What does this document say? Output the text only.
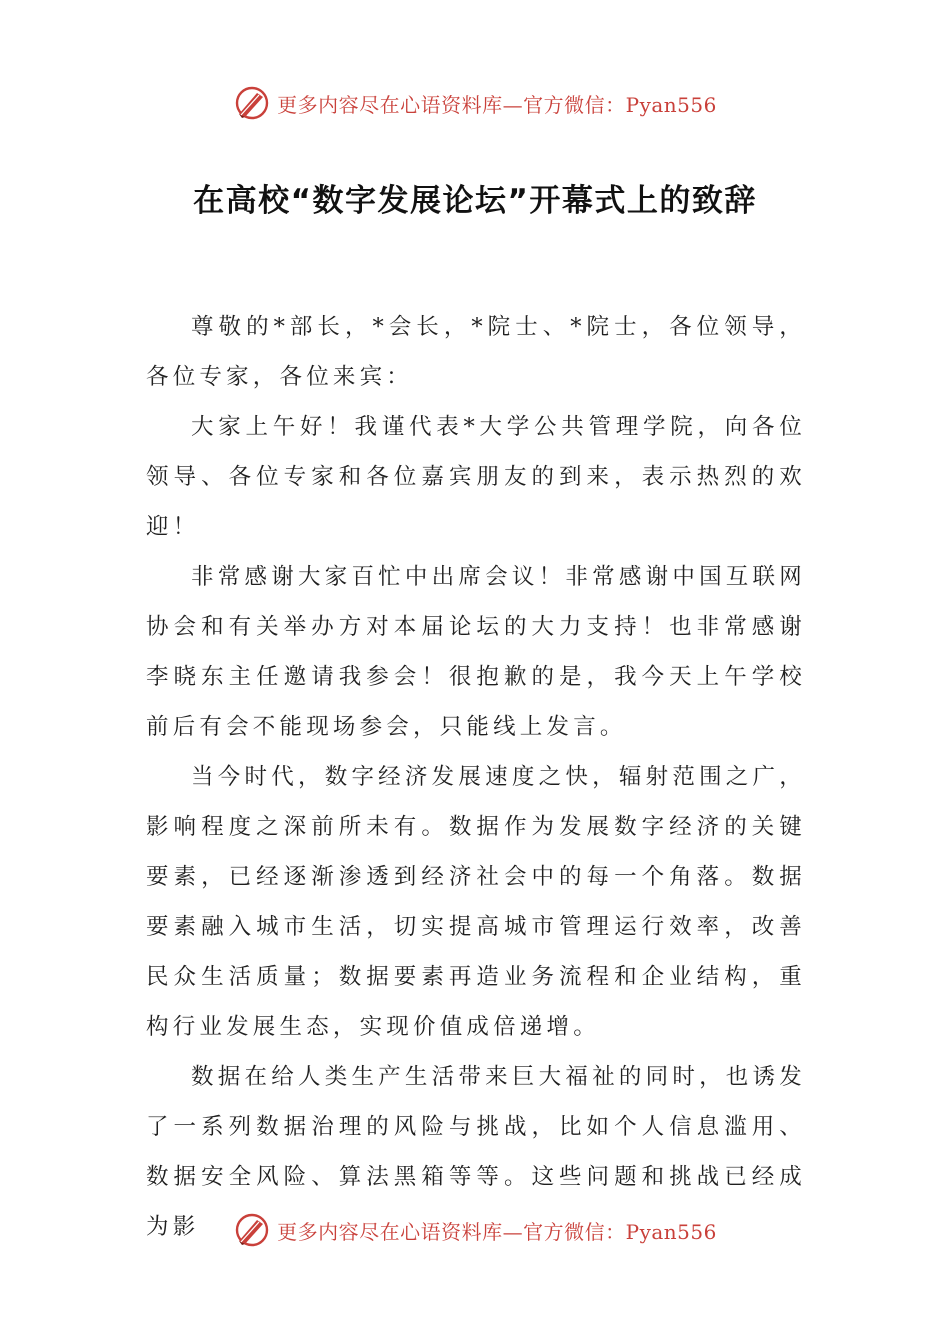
更多内容尽在心语资料库—官方微信：Pyan556
在高校“数字发展论坛”开幕式上的致辞

尊敬的*部长，*会长，*院士、*院士，各位领导，各位专家，各位来宾：

大家上午好！我谨代表*大学公共管理学院，向各位领导、各位专家和各位嘉宾朋友的到来，表示热烈的欢迎！

非常感谢大家百忙中出席会议！非常感谢中国互联网协会和有关举办方对本届论坛的大力支持！也非常感谢李晓东主任邀请我参会！很抱歉的是，我今天上午学校前后有会不能现场参会，只能线上发言。

当今时代，数字经济发展速度之快，辐射范围之广，影响程度之深前所未有。数据作为发展数字经济的关键要素，已经逐渐渗透到经济社会中的每一个角落。数据要素融入城市生活，切实提高城市管理运行效率，改善民众生活质量；数据要素再造业务流程和企业结构，重构行业发展生态，实现价值成倍递增。

数据在给人类生产生活带来巨大福祉的同时，也诱发了一系列数据治理的风险与挑战，比如个人信息滥用、数据安全风险、算法黑箱等等。这些问题和挑战已经成为影	更多内容尽在心语资料库—官方微信：Pyan556
